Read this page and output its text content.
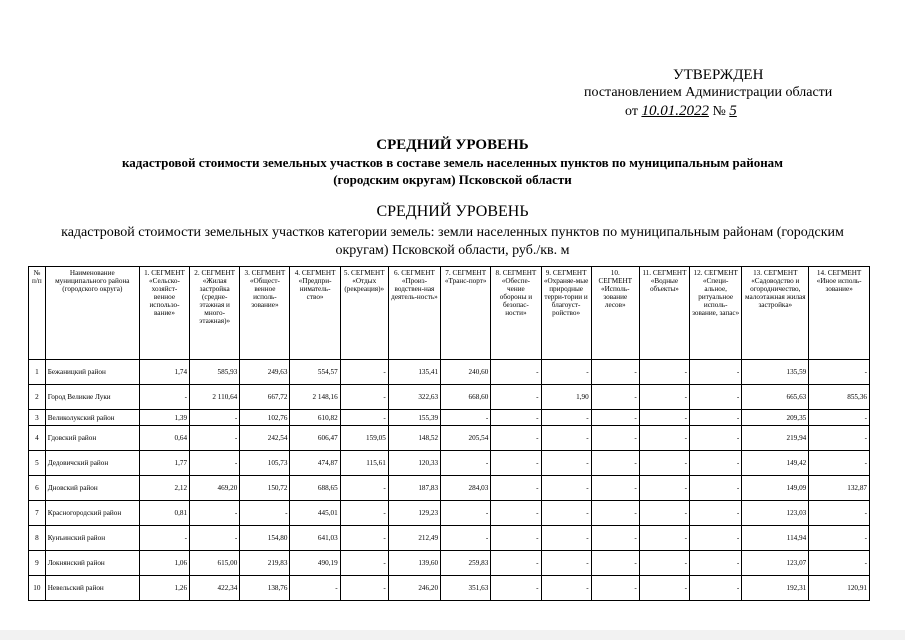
УТВЕРЖДЕН
постановлением Администрации области
от 10.01.2022 № 5
СРЕДНИЙ УРОВЕНЬ
кадастровой стоимости земельных участков в составе земель населенных пунктов по муниципальным районам (городским округам) Псковской области
СРЕДНИЙ УРОВЕНЬ
кадастровой стоимости земельных участков категории земель: земли населенных пунктов по муниципальным районам (городским округам) Псковской области, руб./кв. м
№ п/п	Наименование муниципального района (городского округа)	1. СЕГМЕНТ «Сельско-хозяйст-венное использо-вание»	2. СЕГМЕНТ «Жилая застройка (средне-этажная и много-этажная)»	3. СЕГМЕНТ «Общест-венное исполь-зование»	4. СЕГМЕНТ «Предпри-ниматель-ство»	5. СЕГМЕНТ «Отдых (рекреация)»	6. СЕГМЕНТ «Произ-водствен-ная деятель-ность»	7. СЕГМЕНТ «Транс-порт»	8. СЕГМЕНТ «Обеспе-чение обороны и безопас-ности»	9. СЕГМЕНТ «Охраняе-мые природные терри-тории и благоуст-ройство»	10. СЕГМЕНТ «Исполь-зование лесов»	11. СЕГМЕНТ «Водные объекты»	12. СЕГМЕНТ «Специ-альное, ритуальное исполь-зование, запас»	13. СЕГМЕНТ «Садоводство и огородничество, малоэтажная жилая застройка»	14. СЕГМЕНТ «Иное исполь-зование»
1	Бежаницкий район	1,74	585,93	249,63	554,57	-	135,41	240,60	-	-	-	-	-	135,59	-
2	Город Великие Луки	-	2 110,64	667,72	2 148,16	-	322,63	668,60	-	1,90	-	-	-	665,63	855,36
3	Великолукский район	1,39	-	102,76	610,82	-	155,39	-	-	-	-	-	-	209,35	-
4	Гдовский район	0,64	-	242,54	606,47	159,05	148,52	205,54	-	-	-	-	-	219,94	-
5	Дедовичский район	1,77	-	105,73	474,87	115,61	120,33	-	-	-	-	-	-	149,42	-
6	Дновский район	2,12	469,20	150,72	688,65	-	187,83	284,03	-	-	-	-	-	149,09	132,87
7	Красногородский район	0,81	-	-	445,01	-	129,23	-	-	-	-	-	-	123,03	-
8	Кунъинский район	-	-	154,80	641,03	-	212,49	-	-	-	-	-	-	114,94	-
9	Локнянский район	1,06	615,00	219,83	490,19	-	139,60	259,83	-	-	-	-	-	123,07	-
10	Невельский район	1,26	422,34	138,76	-	-	246,20	351,63	-	-	-	-	-	192,31	120,91
